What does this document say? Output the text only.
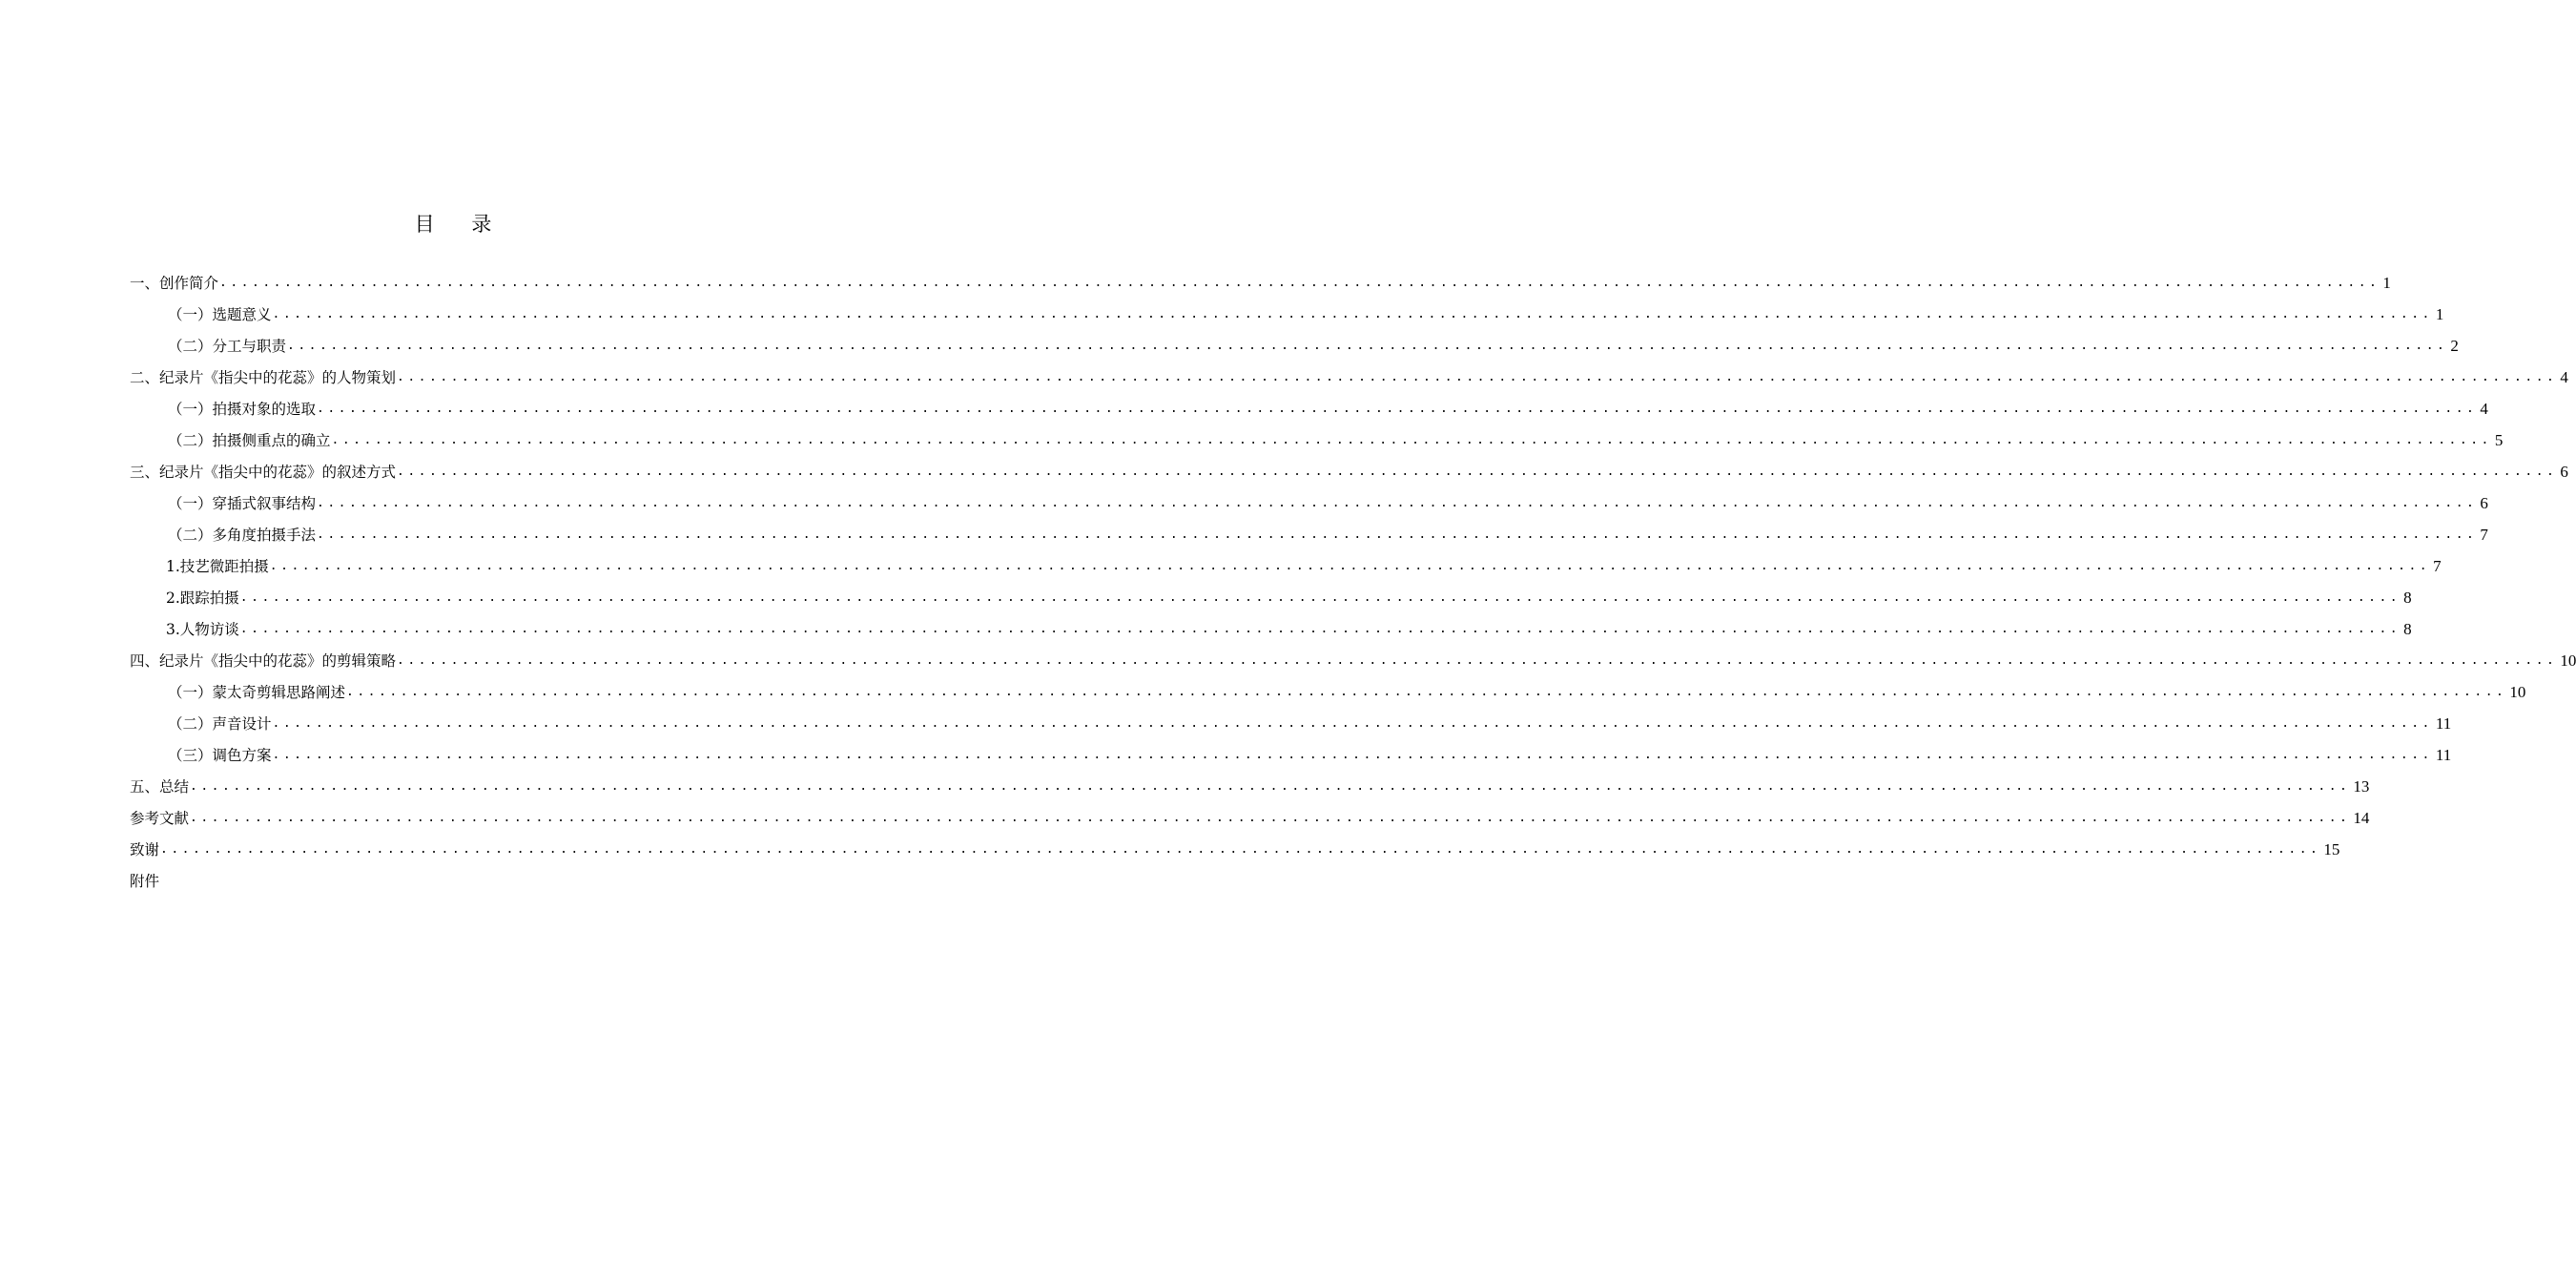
目 录
一、创作简介 ........................................................................................................................................................................................................ 1
（一）选题意义 ........................................................................................................................................................................................................ 1
（二）分工与职责 ........................................................................................................................................................................................................ 2
二、纪录片《指尖中的花蕊》的人物策划 ........................................................................................................................................................................................................ 4
（一）拍摄对象的选取 ........................................................................................................................................................................................................ 4
（二）拍摄侧重点的确立 ........................................................................................................................................................................................................ 5
三、纪录片《指尖中的花蕊》的叙述方式 ........................................................................................................................................................................................................ 6
（一）穿插式叙事结构 ........................................................................................................................................................................................................ 6
（二）多角度拍摄手法 ........................................................................................................................................................................................................ 7
1.技艺微距拍摄 ........................................................................................................................................................................................................ 7
2.跟踪拍摄 ........................................................................................................................................................................................................ 8
3.人物访谈 ........................................................................................................................................................................................................ 8
四、纪录片《指尖中的花蕊》的剪辑策略 ........................................................................................................................................................................................................ 10
（一）蒙太奇剪辑思路阐述 ........................................................................................................................................................................................................ 10
（二）声音设计 ........................................................................................................................................................................................................ 11
（三）调色方案 ........................................................................................................................................................................................................ 11
五、总结 ........................................................................................................................................................................................................ 13
参考文献 ........................................................................................................................................................................................................ 14
致谢 ........................................................................................................................................................................................................ 15
附件
